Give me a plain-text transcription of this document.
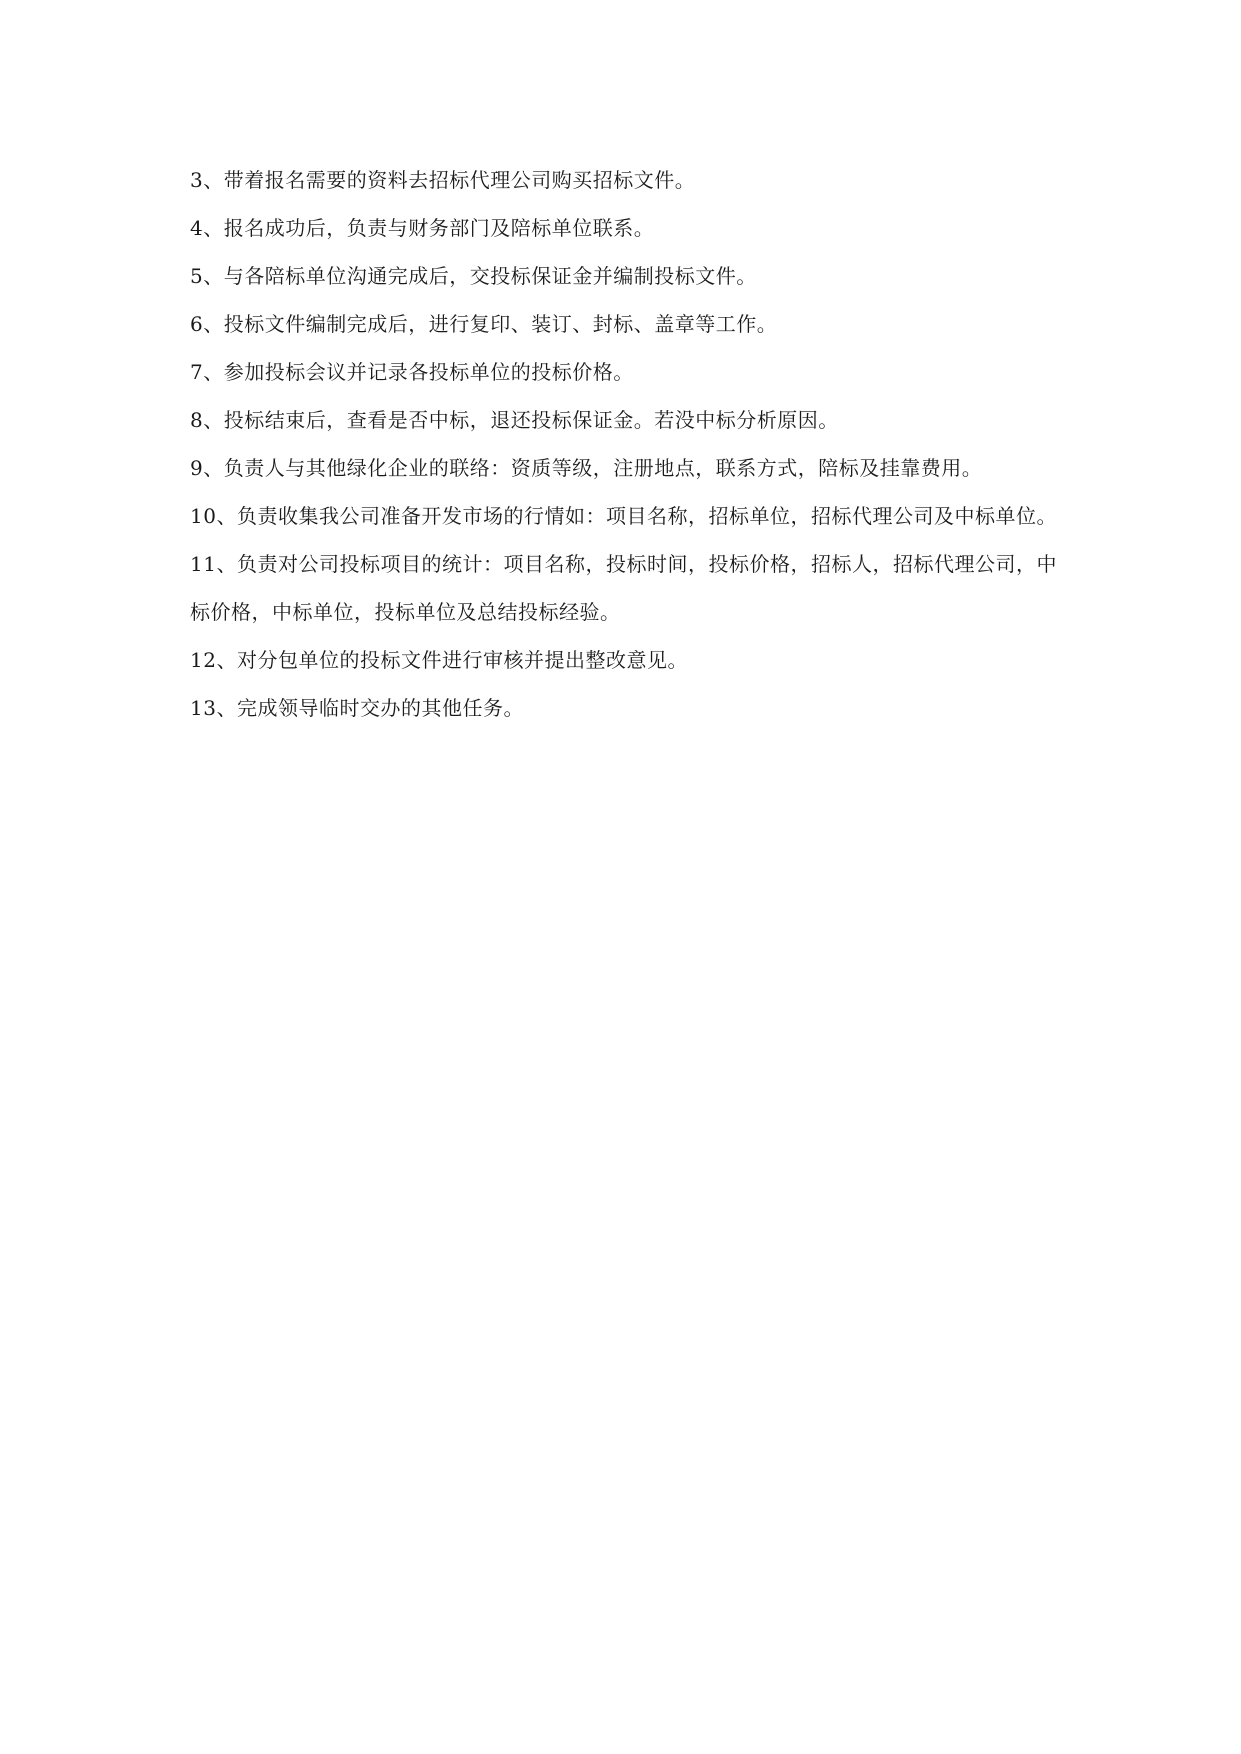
3、带着报名需要的资料去招标代理公司购买招标文件。

4、报名成功后，负责与财务部门及陪标单位联系。

5、与各陪标单位沟通完成后，交投标保证金并编制投标文件。

6、投标文件编制完成后，进行复印、装订、封标、盖章等工作。

7、参加投标会议并记录各投标单位的投标价格。

8、投标结束后，查看是否中标，退还投标保证金。若没中标分析原因。

9、负责人与其他绿化企业的联络：资质等级，注册地点，联系方式，陪标及挂靠费用。

10、负责收集我公司准备开发市场的行情如：项目名称，招标单位，招标代理公司及中标单位。

11、负责对公司投标项目的统计：项目名称，投标时间，投标价格，招标人，招标代理公司，中标价格，中标单位，投标单位及总结投标经验。

12、对分包单位的投标文件进行审核并提出整改意见。

13、完成领导临时交办的其他任务。
